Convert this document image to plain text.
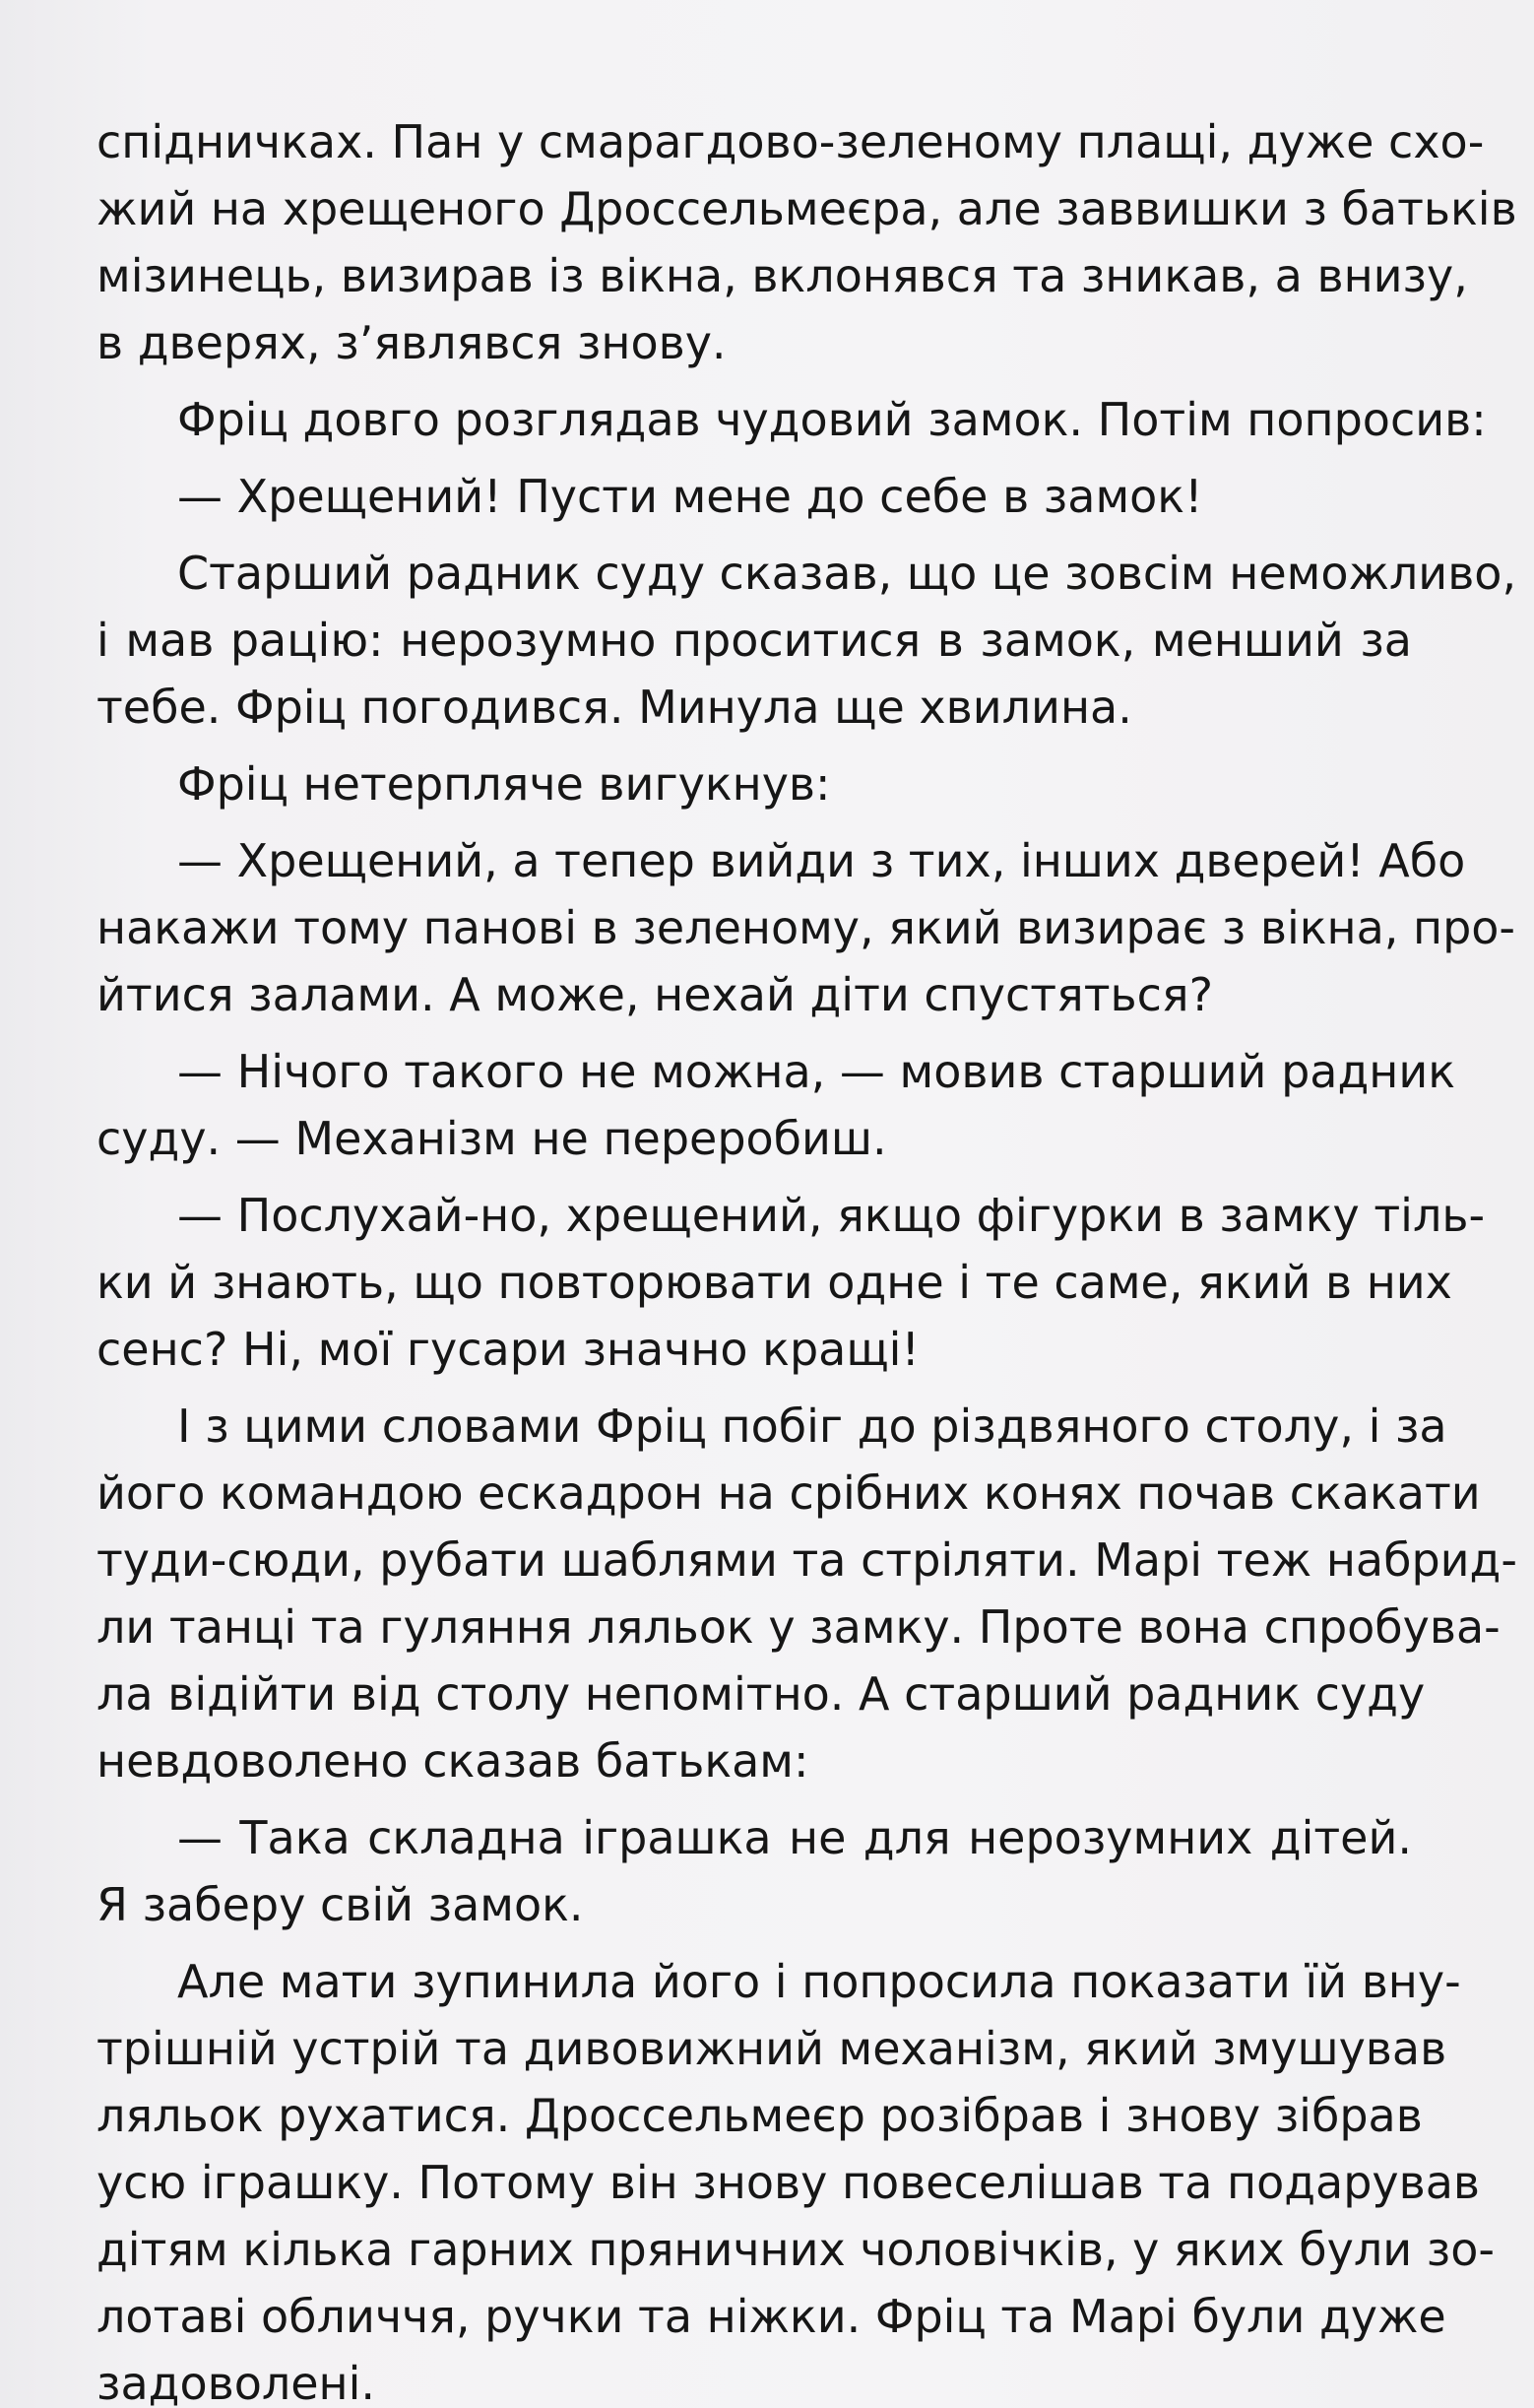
спідничках. Пан у смарагдово-зеленому плащі, дуже схо-
жий на хрещеного Дроссельмеєра, але заввишки з батьків
мізинець, визирав із вікна, вклонявся та зникав, а внизу,
в дверях, з’являвся знову.
Фріц довго розглядав чудовий замок. Потім попросив:
— Хрещений! Пусти мене до себе в замок!
Старший радник суду сказав, що це зовсім неможливо,
і мав рацію: нерозумно проситися в замок, менший за
тебе. Фріц погодився. Минула ще хвилина.
Фріц нетерпляче вигукнув:
— Хрещений, а тепер вийди з тих, інших дверей! Або
накажи тому панові в зеленому, який визирає з вікна, про-
йтися залами. А може, нехай діти спустяться?
— Нічого такого не можна, — мовив старший радник
суду. — Механізм не переробиш.
— Послухай-но, хрещений, якщо фігурки в замку тіль-
ки й знають, що повторювати одне і те саме, який в них
сенс? Ні, мої гусари значно кращі!
І з цими словами Фріц побіг до різдвяного столу, і за
його командою ескадрон на срібних конях почав скакати
туди-сюди, рубати шаблями та стріляти. Марі теж набрид-
ли танці та гуляння ляльок у замку. Проте вона спробува-
ла відійти від столу непомітно. А старший радник суду
невдоволено сказав батькам:
— Така складна іграшка не для нерозумних дітей.
Я заберу свій замок.
Але мати зупинила його і попросила показати їй вну-
трішній устрій та дивовижний механізм, який змушував
ляльок рухатися. Дроссельмеєр розібрав і знову зібрав
усю іграшку. Потому він знову повеселішав та подарував
дітям кілька гарних пряничних чоловічків, у яких були зо-
лотаві обличчя, ручки та ніжки. Фріц та Марі були дуже
задоволені.
